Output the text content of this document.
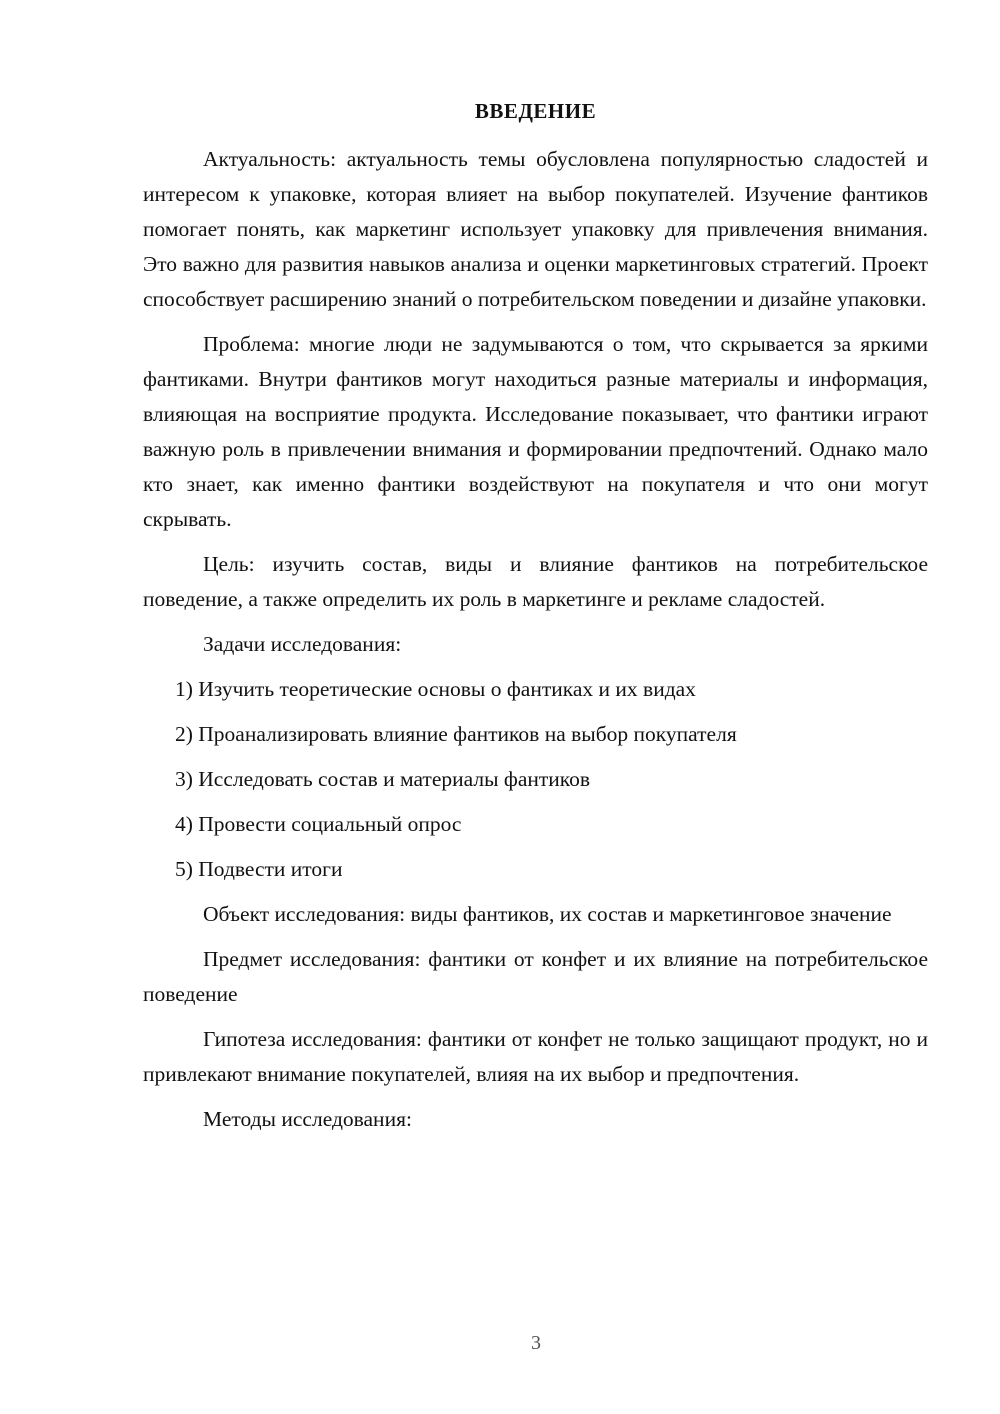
ВВЕДЕНИЕ

Актуальность: актуальность темы обусловлена популярностью сладостей и интересом к упаковке, которая влияет на выбор покупателей. Изучение фантиков помогает понять, как маркетинг использует упаковку для привлечения внимания. Это важно для развития навыков анализа и оценки маркетинговых стратегий. Проект способствует расширению знаний о потребительском поведении и дизайне упаковки.

Проблема: многие люди не задумываются о том, что скрывается за яркими фантиками. Внутри фантиков могут находиться разные материалы и информация, влияющая на восприятие продукта. Исследование показывает, что фантики играют важную роль в привлечении внимания и формировании предпочтений. Однако мало кто знает, как именно фантики воздействуют на покупателя и что они могут скрывать.

Цель: изучить состав, виды и влияние фантиков на потребительское поведение, а также определить их роль в маркетинге и рекламе сладостей.

Задачи исследования:

1) Изучить теоретические основы о фантиках и их видах
2) Проанализировать влияние фантиков на выбор покупателя
3) Исследовать состав и материалы фантиков
4) Провести социальный опрос
5) Подвести итоги

Объект исследования: виды фантиков, их состав и маркетинговое значение

Предмет исследования: фантики от конфет и их влияние на потребительское поведение

Гипотеза исследования: фантики от конфет не только защищают продукт, но и привлекают внимание покупателей, влияя на их выбор и предпочтения.

Методы исследования:

3
